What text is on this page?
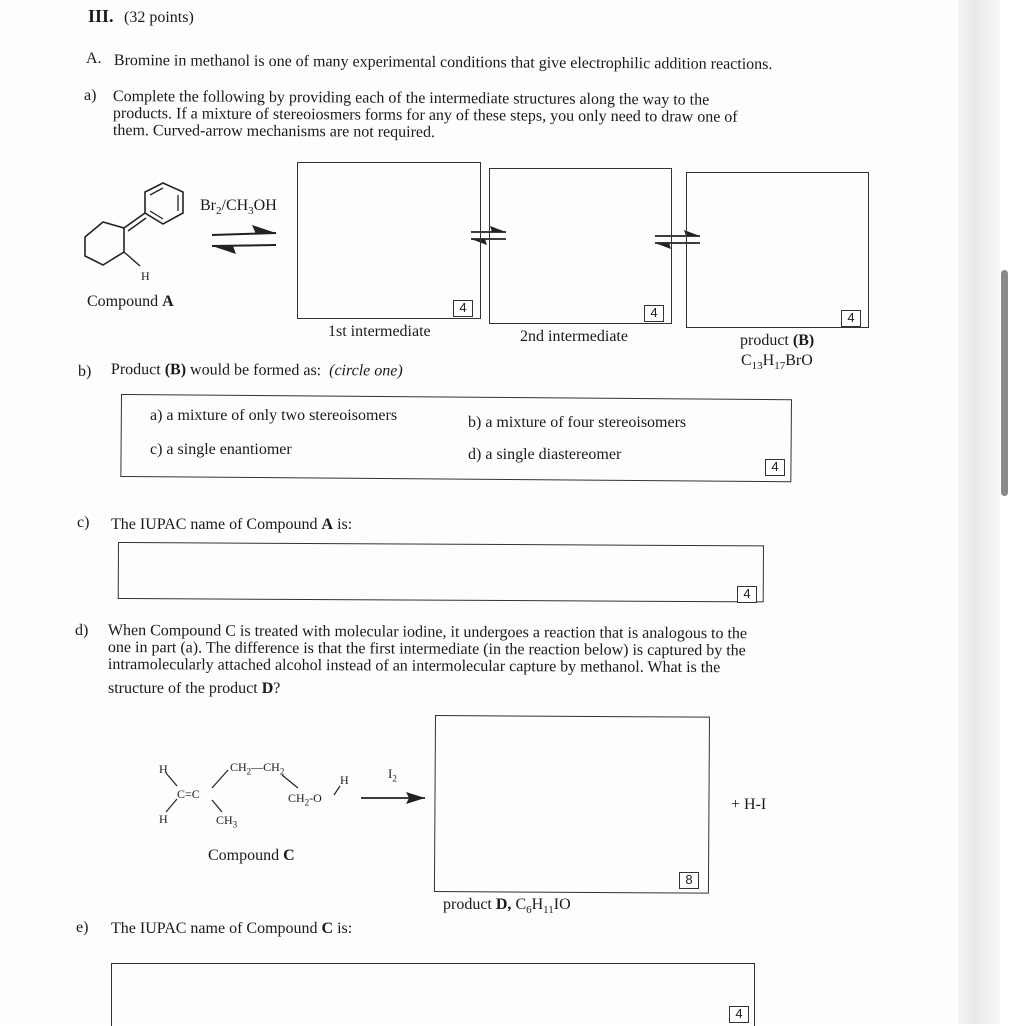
III. (32 points)
A. Bromine in methanol is one of many experimental conditions that give electrophilic addition reactions.
a) Complete the following by providing each of the intermediate structures along the way to the
products. If a mixture of stereoiosmers forms for any of these steps, you only need to draw one of
them. Curved-arrow mechanisms are not required.
$Br_2/CH_3OH$
H
Compound A	4	4	4
1st intermediate	2nd intermediate	product (B)
$C_{13}H_{17}BrO$
b) Product (B) would be formed as: (circle one)
a) a mixture of only two stereoisomers	b) a mixture of four stereoisomers
c) a single enantiomer	d) a single diastereomer
4
c) The IUPAC name of Compound A is:
4
d) When Compound C is treated with molecular iodine, it undergoes a reaction that is analogous to the
one in part (a). The difference is that the first intermediate (in the reaction below) is captured by the
intramolecularly attached alcohol instead of an intermolecular capture by methanol. What is the
structure of the product D?
H
H
C=C
$CH_2—CH_2$
H
$CH_2-O$
$CH_3$
$I_2$
Compound C
8
+ H-I
product D, $C_6H_{11}IO$
e) The IUPAC name of Compound C is:
4
